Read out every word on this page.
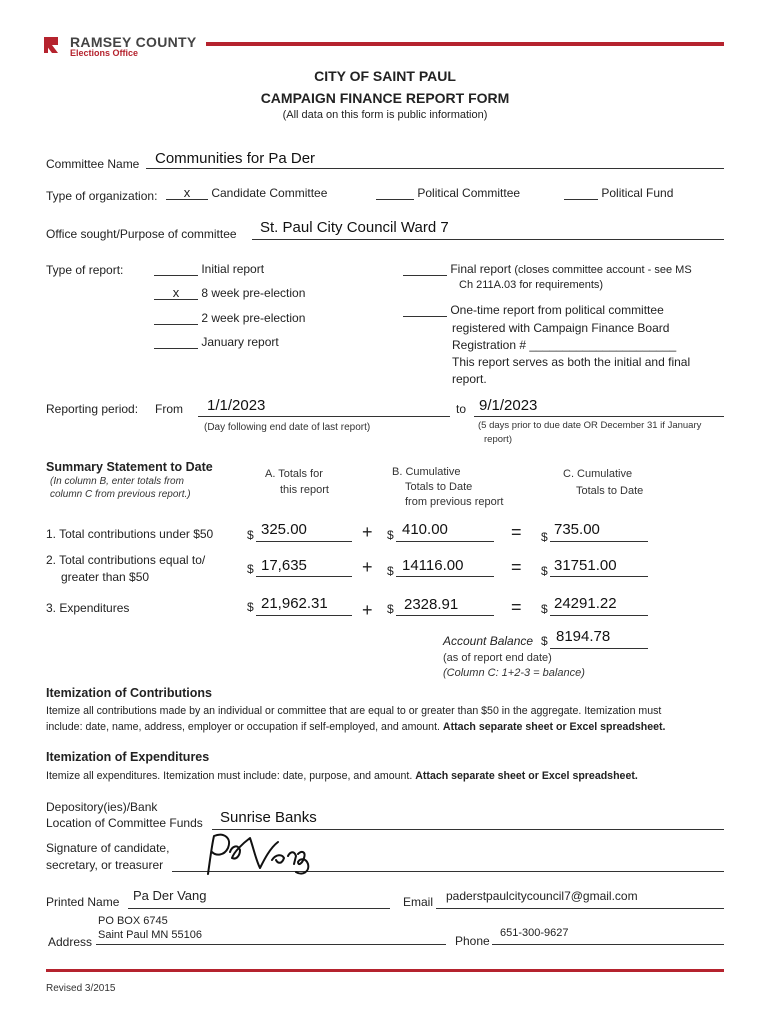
RAMSEY COUNTY
Elections Office
CITY OF SAINT PAUL
CAMPAIGN FINANCE REPORT FORM
(All data on this form is public information)
Committee Name Communities for Pa Der
Type of organization:	x Candidate Committee	Political Committee	Political Fund
Office sought/Purpose of committee St. Paul City Council Ward 7
Type of report:	Initial report
x 8 week pre-election
2 week pre-election
January report
Final report (closes committee account - see MS
Ch 211A.03 for requirements)
One-time report from political committee
registered with Campaign Finance Board
Registration # ______________________
This report serves as both the initial and final
report.
Reporting period: From 1/1/2023	to 9/1/2023
(Day following end date of last report)	(5 days prior to due date OR December 31 if January
report)
Summary Statement to Date
(In column B, enter totals from
column C from previous report.)
A. Totals for
this report
B. Cumulative
Totals to Date
from previous report
C. Cumulative
Totals to Date
1. Total contributions under $50	$ 325.00	+ $ 410.00	= $ 735.00
2. Total contributions equal to/
greater than $50
$ 17,635	+ $ 14116.00	= $ 31751.00
3. Expenditures	$ 21,962.31 + $ 2328.91	= $ 24291.22
Account Balance $ 8194.78
(as of report end date)
(Column C: 1+2-3 = balance)
Itemization of Contributions
Itemize all contributions made by an individual or committee that are equal to or greater than $50 in the aggregate. Itemization must
include: date, name, address, employer or occupation if self-employed, and amount. Attach separate sheet or Excel spreadsheet.
Itemization of Expenditures
Itemize all expenditures. Itemization must include: date, purpose, and amount. Attach separate sheet or Excel spreadsheet.
Depository(ies)/Bank
Location of Committee Funds Sunrise Banks
Signature of candidate,
secretary, or treasurer
Printed Name Pa Der Vang	Email paderstpaulcitycouncil7@gmail.com
Address
PO BOX 6745
Saint Paul MN 55106	Phone
651-300-9627
Revised 3/2015
